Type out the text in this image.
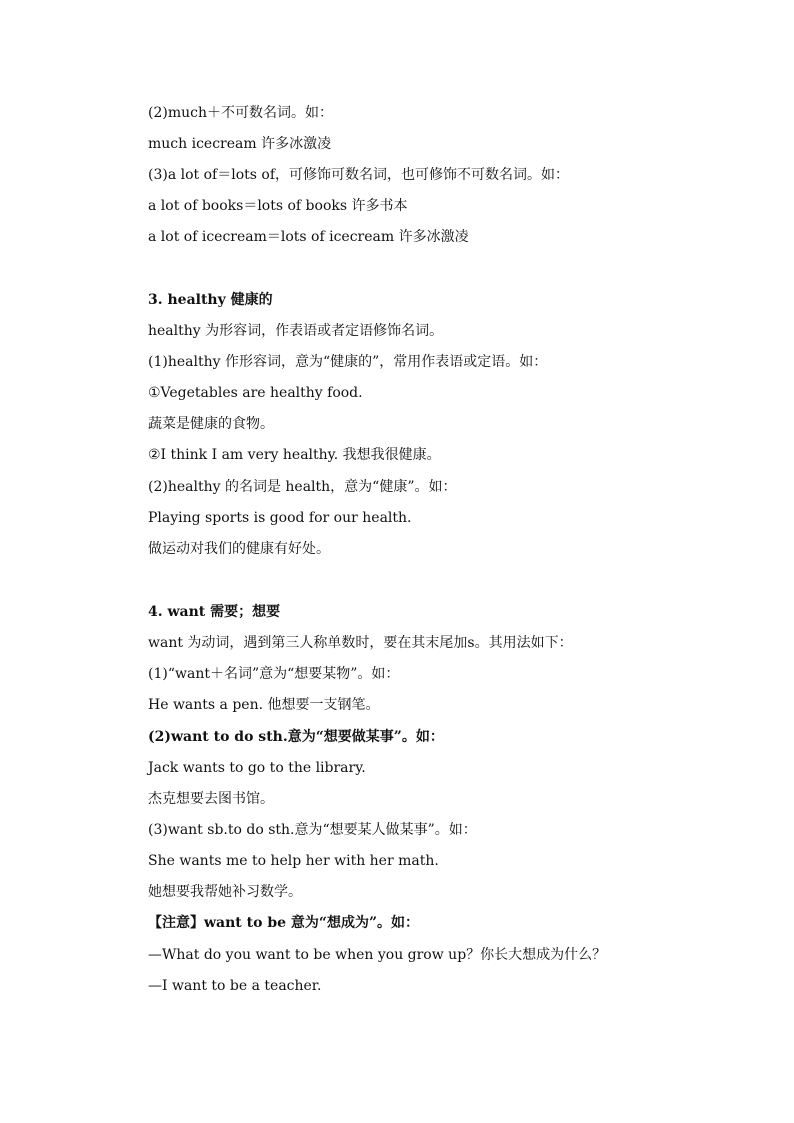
(2)much＋不可数名词。如：
much icecream 许多冰激凌
(3)a lot of＝lots of，可修饰可数名词，也可修饰不可数名词。如：
a lot of books＝lots of books 许多书本
a lot of icecream＝lots of icecream 许多冰激凌
3. healthy 健康的
healthy 为形容词，作表语或者定语修饰名词。
(1)healthy 作形容词，意为“健康的”，常用作表语或定语。如：
①Vegetables are healthy food.
蔬菜是健康的食物。
②I think I am very healthy. 我想我很健康。
(2)healthy 的名词是 health，意为“健康”。如：
Playing sports is good for our health.
做运动对我们的健康有好处。
4. want 需要；想要
want 为动词，遇到第三人称单数时，要在其末尾加s。其用法如下：
(1)“want＋名词”意为“想要某物”。如：
He wants a pen. 他想要一支钢笔。
(2)want to do sth.意为“想要做某事”。如：
Jack wants to go to the library.
杰克想要去图书馆。
(3)want sb.to do sth.意为“想要某人做某事”。如：
She wants me to help her with her math.
她想要我帮她补习数学。
【注意】want to be 意为“想成为”。如：
—What do you want to be when you grow up？你长大想成为什么？
—I want to be a teacher.
